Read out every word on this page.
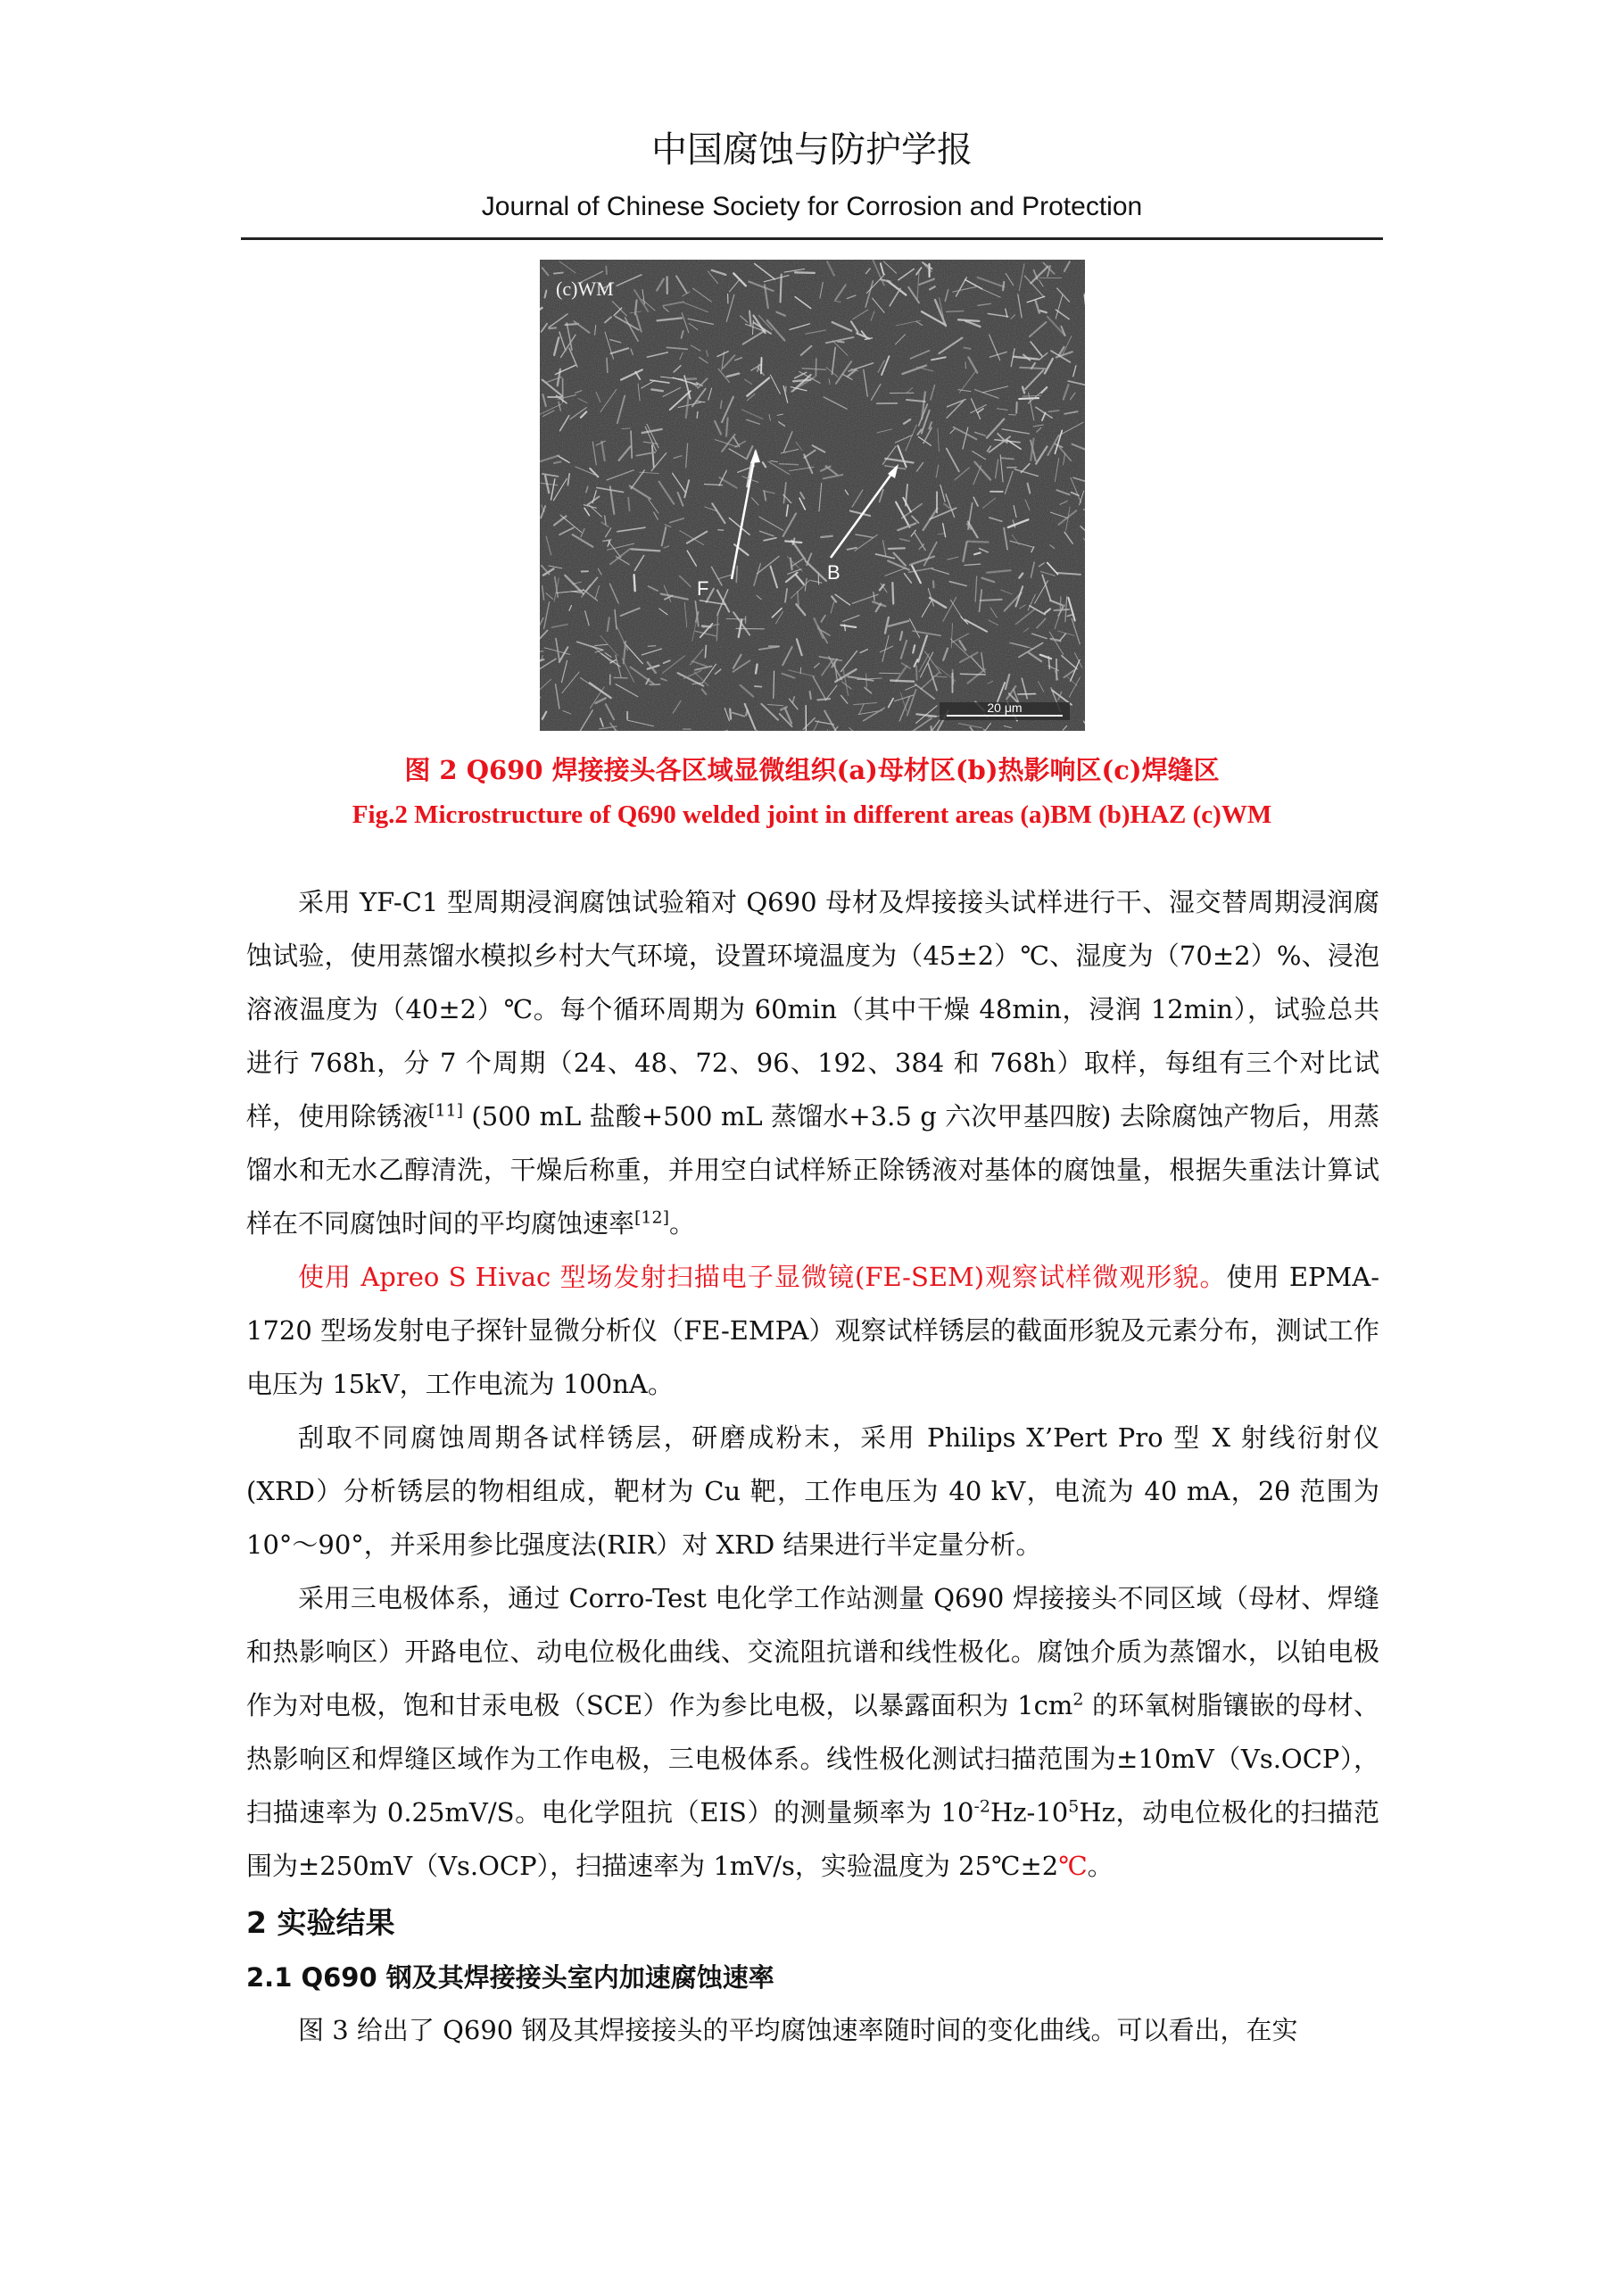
中国腐蚀与防护学报
Journal of Chinese Society for Corrosion and Protection
(c)WM
F
B
20 μm
图 2 Q690 焊接接头各区域显微组织(a)母材区(b)热影响区(c)焊缝区
Fig.2 Microstructure of Q690 welded joint in different areas (a)BM (b)HAZ (c)WM

采用 YF-C1 型周期浸润腐蚀试验箱对 Q690 母材及焊接接头试样进行干、湿交替周期浸润腐蚀试验，使用蒸馏水模拟乡村大气环境，设置环境温度为（45±2）℃、湿度为（70±2）%、浸泡溶液温度为（40±2）℃。每个循环周期为 60min（其中干燥 48min，浸润 12min），试验总共进行 768h，分 7 个周期（24、48、72、96、192、384 和 768h）取样，每组有三个对比试样，使用除锈液[11] (500 mL 盐酸+500 mL 蒸馏水+3.5 g 六次甲基四胺) 去除腐蚀产物后，用蒸馏水和无水乙醇清洗，干燥后称重，并用空白试样矫正除锈液对基体的腐蚀量，根据失重法计算试样在不同腐蚀时间的平均腐蚀速率[12]。

使用 Apreo S Hivac 型场发射扫描电子显微镜(FE-SEM)观察试样微观形貌。使用 EPMA-1720 型场发射电子探针显微分析仪（FE-EMPA）观察试样锈层的截面形貌及元素分布，测试工作电压为 15kV，工作电流为 100nA。

刮取不同腐蚀周期各试样锈层，研磨成粉末，采用 Philips X’Pert Pro 型 X 射线衍射仪 (XRD）分析锈层的物相组成，靶材为 Cu 靶，工作电压为 40 kV，电流为 40 mA，2θ 范围为 10°～90°，并采用参比强度法(RIR）对 XRD 结果进行半定量分析。

采用三电极体系，通过 Corro-Test 电化学工作站测量 Q690 焊接接头不同区域（母材、焊缝和热影响区）开路电位、动电位极化曲线、交流阻抗谱和线性极化。腐蚀介质为蒸馏水，以铂电极作为对电极，饱和甘汞电极（SCE）作为参比电极，以暴露面积为 $1cm^2$ 的环氧树脂镶嵌的母材、热影响区和焊缝区域作为工作电极，三电极体系。线性极化测试扫描范围为±10mV（Vs.OCP），扫描速率为 0.25mV/S。电化学阻抗（EIS）的测量频率为 $10^{-2}Hz-10^5Hz$，动电位极化的扫描范围为±250mV（Vs.OCP），扫描速率为 1mV/s，实验温度为 25℃±2℃。

2 实验结果
2.1 Q690 钢及其焊接接头室内加速腐蚀速率

图 3 给出了 Q690 钢及其焊接接头的平均腐蚀速率随时间的变化曲线。可以看出，在实
